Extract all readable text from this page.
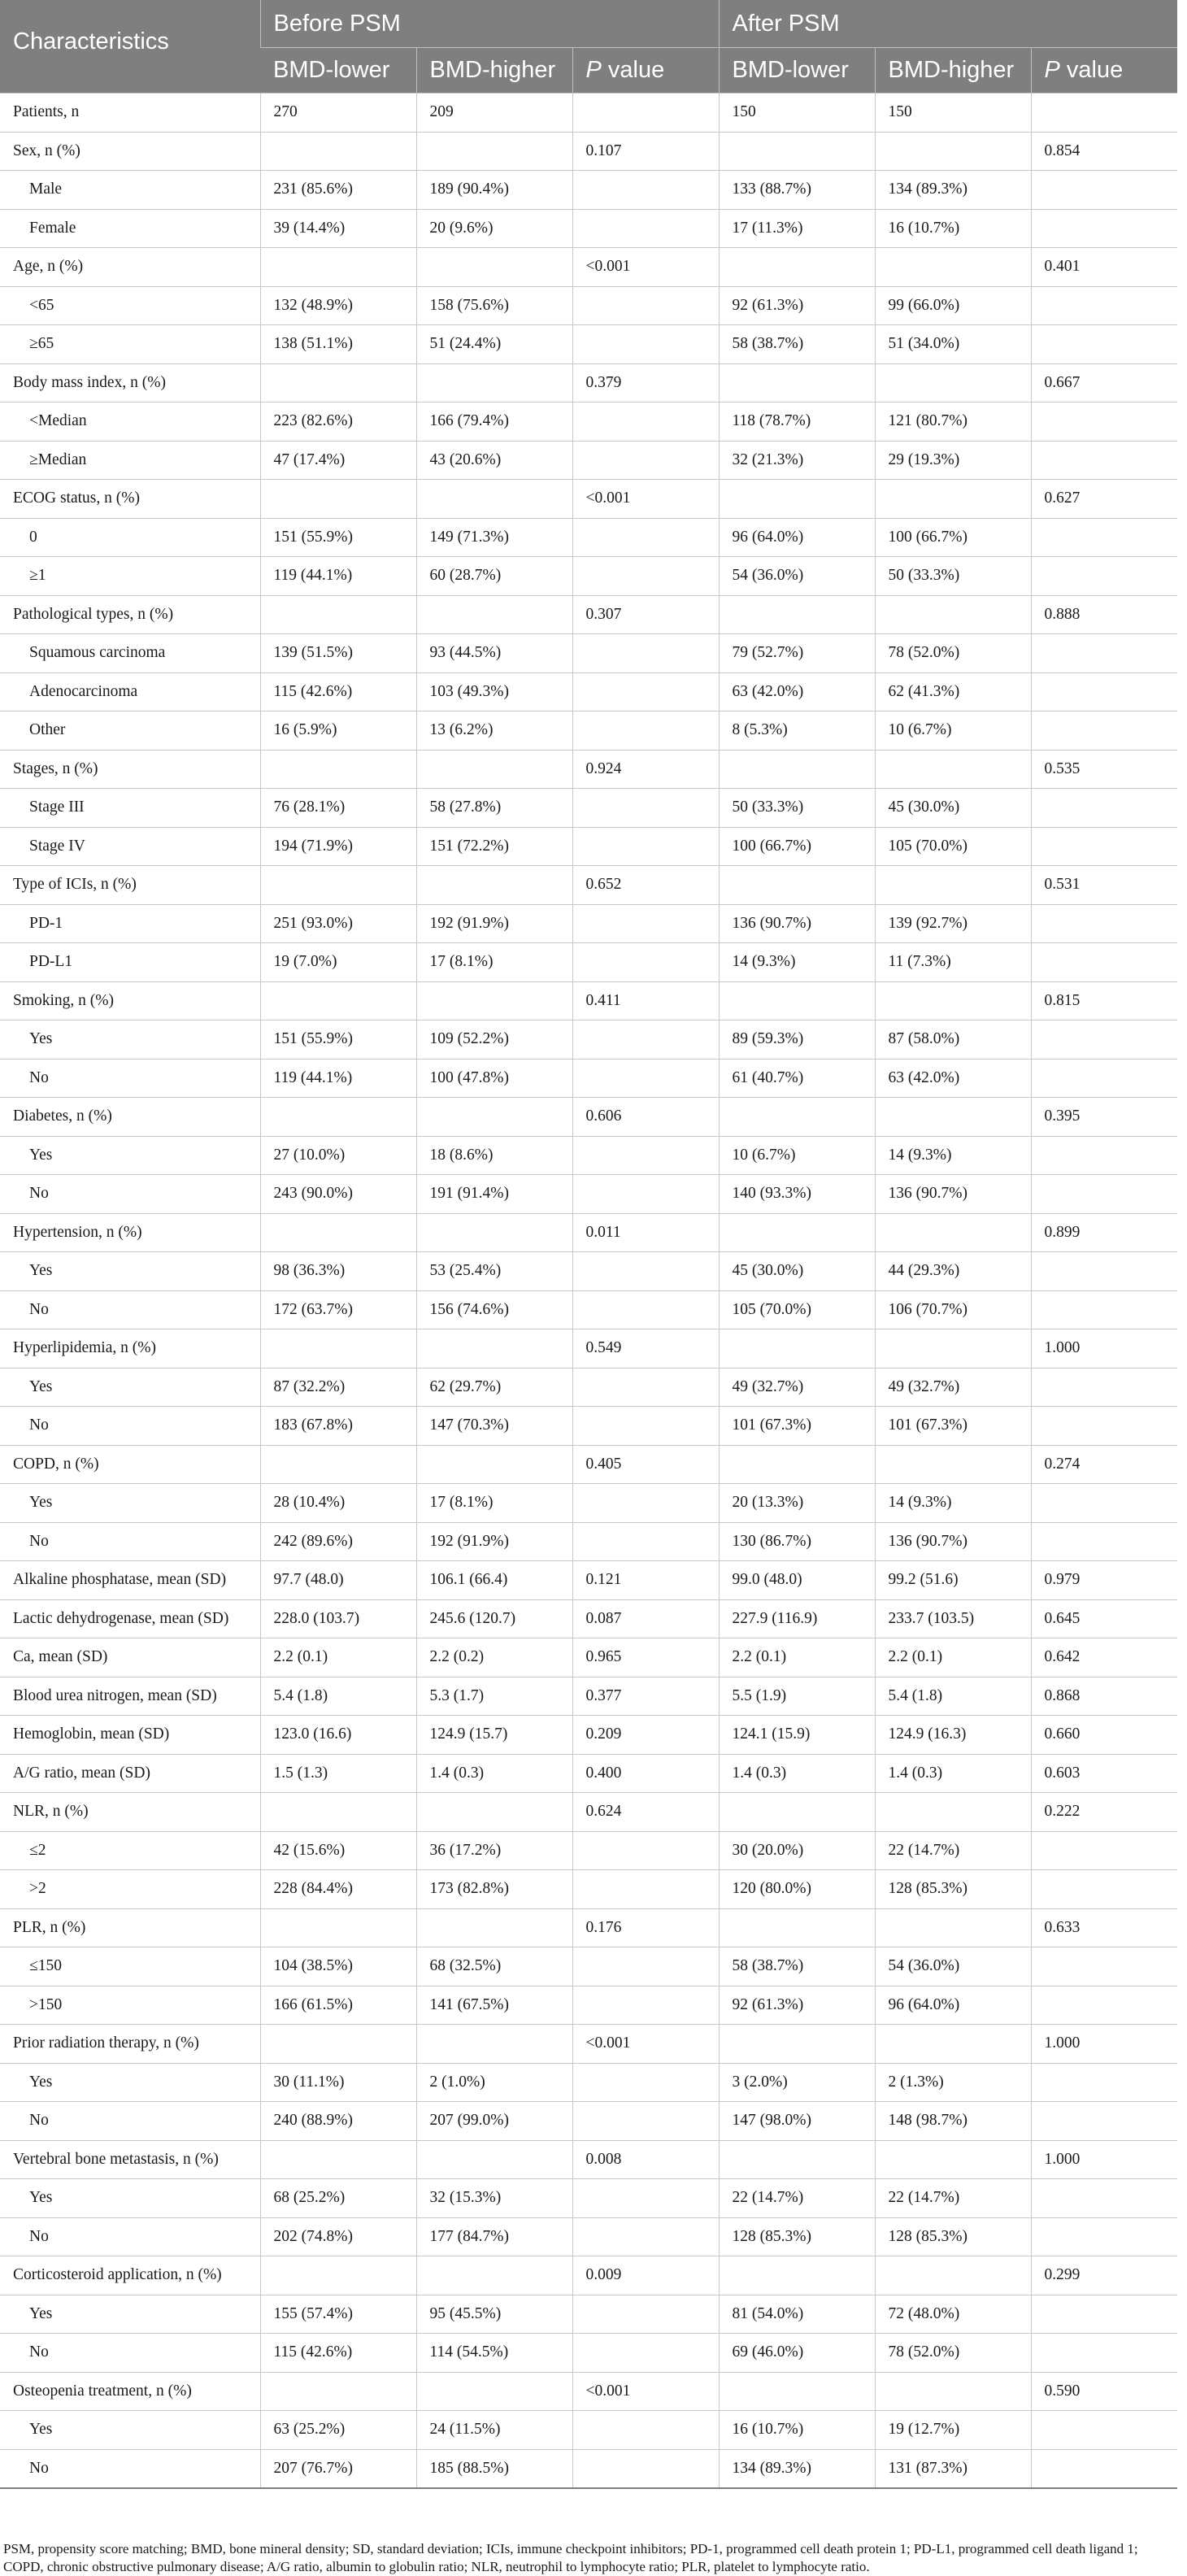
Characteristics	Before PSM			After PSM		
	BMD-lower	BMD-higher	P value	BMD-lower	BMD-higher	P value
Patients, n	270	209		150	150	
Sex, n (%)			0.107			0.854
Male	231 (85.6%)	189 (90.4%)		133 (88.7%)	134 (89.3%)	
Female	39 (14.4%)	20 (9.6%)		17 (11.3%)	16 (10.7%)	
Age, n (%)			<0.001			0.401
<65	132 (48.9%)	158 (75.6%)		92 (61.3%)	99 (66.0%)	
≥65	138 (51.1%)	51 (24.4%)		58 (38.7%)	51 (34.0%)	
Body mass index, n (%)			0.379			0.667
<Median	223 (82.6%)	166 (79.4%)		118 (78.7%)	121 (80.7%)	
≥Median	47 (17.4%)	43 (20.6%)		32 (21.3%)	29 (19.3%)	
ECOG status, n (%)			<0.001			0.627
0	151 (55.9%)	149 (71.3%)		96 (64.0%)	100 (66.7%)	
≥1	119 (44.1%)	60 (28.7%)		54 (36.0%)	50 (33.3%)	
Pathological types, n (%)			0.307			0.888
Squamous carcinoma	139 (51.5%)	93 (44.5%)		79 (52.7%)	78 (52.0%)	
Adenocarcinoma	115 (42.6%)	103 (49.3%)		63 (42.0%)	62 (41.3%)	
Other	16 (5.9%)	13 (6.2%)		8 (5.3%)	10 (6.7%)	
Stages, n (%)			0.924			0.535
Stage III	76 (28.1%)	58 (27.8%)		50 (33.3%)	45 (30.0%)	
Stage IV	194 (71.9%)	151 (72.2%)		100 (66.7%)	105 (70.0%)	
Type of ICIs, n (%)			0.652			0.531
PD-1	251 (93.0%)	192 (91.9%)		136 (90.7%)	139 (92.7%)	
PD-L1	19 (7.0%)	17 (8.1%)		14 (9.3%)	11 (7.3%)	
Smoking, n (%)			0.411			0.815
Yes	151 (55.9%)	109 (52.2%)		89 (59.3%)	87 (58.0%)	
No	119 (44.1%)	100 (47.8%)		61 (40.7%)	63 (42.0%)	
Diabetes, n (%)			0.606			0.395
Yes	27 (10.0%)	18 (8.6%)		10 (6.7%)	14 (9.3%)	
No	243 (90.0%)	191 (91.4%)		140 (93.3%)	136 (90.7%)	
Hypertension, n (%)			0.011			0.899
Yes	98 (36.3%)	53 (25.4%)		45 (30.0%)	44 (29.3%)	
No	172 (63.7%)	156 (74.6%)		105 (70.0%)	106 (70.7%)	
Hyperlipidemia, n (%)			0.549			1.000
Yes	87 (32.2%)	62 (29.7%)		49 (32.7%)	49 (32.7%)	
No	183 (67.8%)	147 (70.3%)		101 (67.3%)	101 (67.3%)	
COPD, n (%)			0.405			0.274
Yes	28 (10.4%)	17 (8.1%)		20 (13.3%)	14 (9.3%)	
No	242 (89.6%)	192 (91.9%)		130 (86.7%)	136 (90.7%)	
Alkaline phosphatase, mean (SD)	97.7 (48.0)	106.1 (66.4)	0.121	99.0 (48.0)	99.2 (51.6)	0.979
Lactic dehydrogenase, mean (SD)	228.0 (103.7)	245.6 (120.7)	0.087	227.9 (116.9)	233.7 (103.5)	0.645
Ca, mean (SD)	2.2 (0.1)	2.2 (0.2)	0.965	2.2 (0.1)	2.2 (0.1)	0.642
Blood urea nitrogen, mean (SD)	5.4 (1.8)	5.3 (1.7)	0.377	5.5 (1.9)	5.4 (1.8)	0.868
Hemoglobin, mean (SD)	123.0 (16.6)	124.9 (15.7)	0.209	124.1 (15.9)	124.9 (16.3)	0.660
A/G ratio, mean (SD)	1.5 (1.3)	1.4 (0.3)	0.400	1.4 (0.3)	1.4 (0.3)	0.603
NLR, n (%)			0.624			0.222
≤2	42 (15.6%)	36 (17.2%)		30 (20.0%)	22 (14.7%)	
>2	228 (84.4%)	173 (82.8%)		120 (80.0%)	128 (85.3%)	
PLR, n (%)			0.176			0.633
≤150	104 (38.5%)	68 (32.5%)		58 (38.7%)	54 (36.0%)	
>150	166 (61.5%)	141 (67.5%)		92 (61.3%)	96 (64.0%)	
Prior radiation therapy, n (%)			<0.001			1.000
Yes	30 (11.1%)	2 (1.0%)		3 (2.0%)	2 (1.3%)	
No	240 (88.9%)	207 (99.0%)		147 (98.0%)	148 (98.7%)	
Vertebral bone metastasis, n (%)			0.008			1.000
Yes	68 (25.2%)	32 (15.3%)		22 (14.7%)	22 (14.7%)	
No	202 (74.8%)	177 (84.7%)		128 (85.3%)	128 (85.3%)	
Corticosteroid application, n (%)			0.009			0.299
Yes	155 (57.4%)	95 (45.5%)		81 (54.0%)	72 (48.0%)	
No	115 (42.6%)	114 (54.5%)		69 (46.0%)	78 (52.0%)	
Osteopenia treatment, n (%)			<0.001			0.590
Yes	63 (25.2%)	24 (11.5%)		16 (10.7%)	19 (12.7%)	
No	207 (76.7%)	185 (88.5%)		134 (89.3%)	131 (87.3%)	
PSM, propensity score matching; BMD, bone mineral density; SD, standard deviation; ICIs, immune checkpoint inhibitors; PD-1, programmed cell death protein 1; PD-L1, programmed cell death ligand 1; COPD, chronic obstructive pulmonary disease; A/G ratio, albumin to globulin ratio; NLR, neutrophil to lymphocyte ratio; PLR, platelet to lymphocyte ratio.
